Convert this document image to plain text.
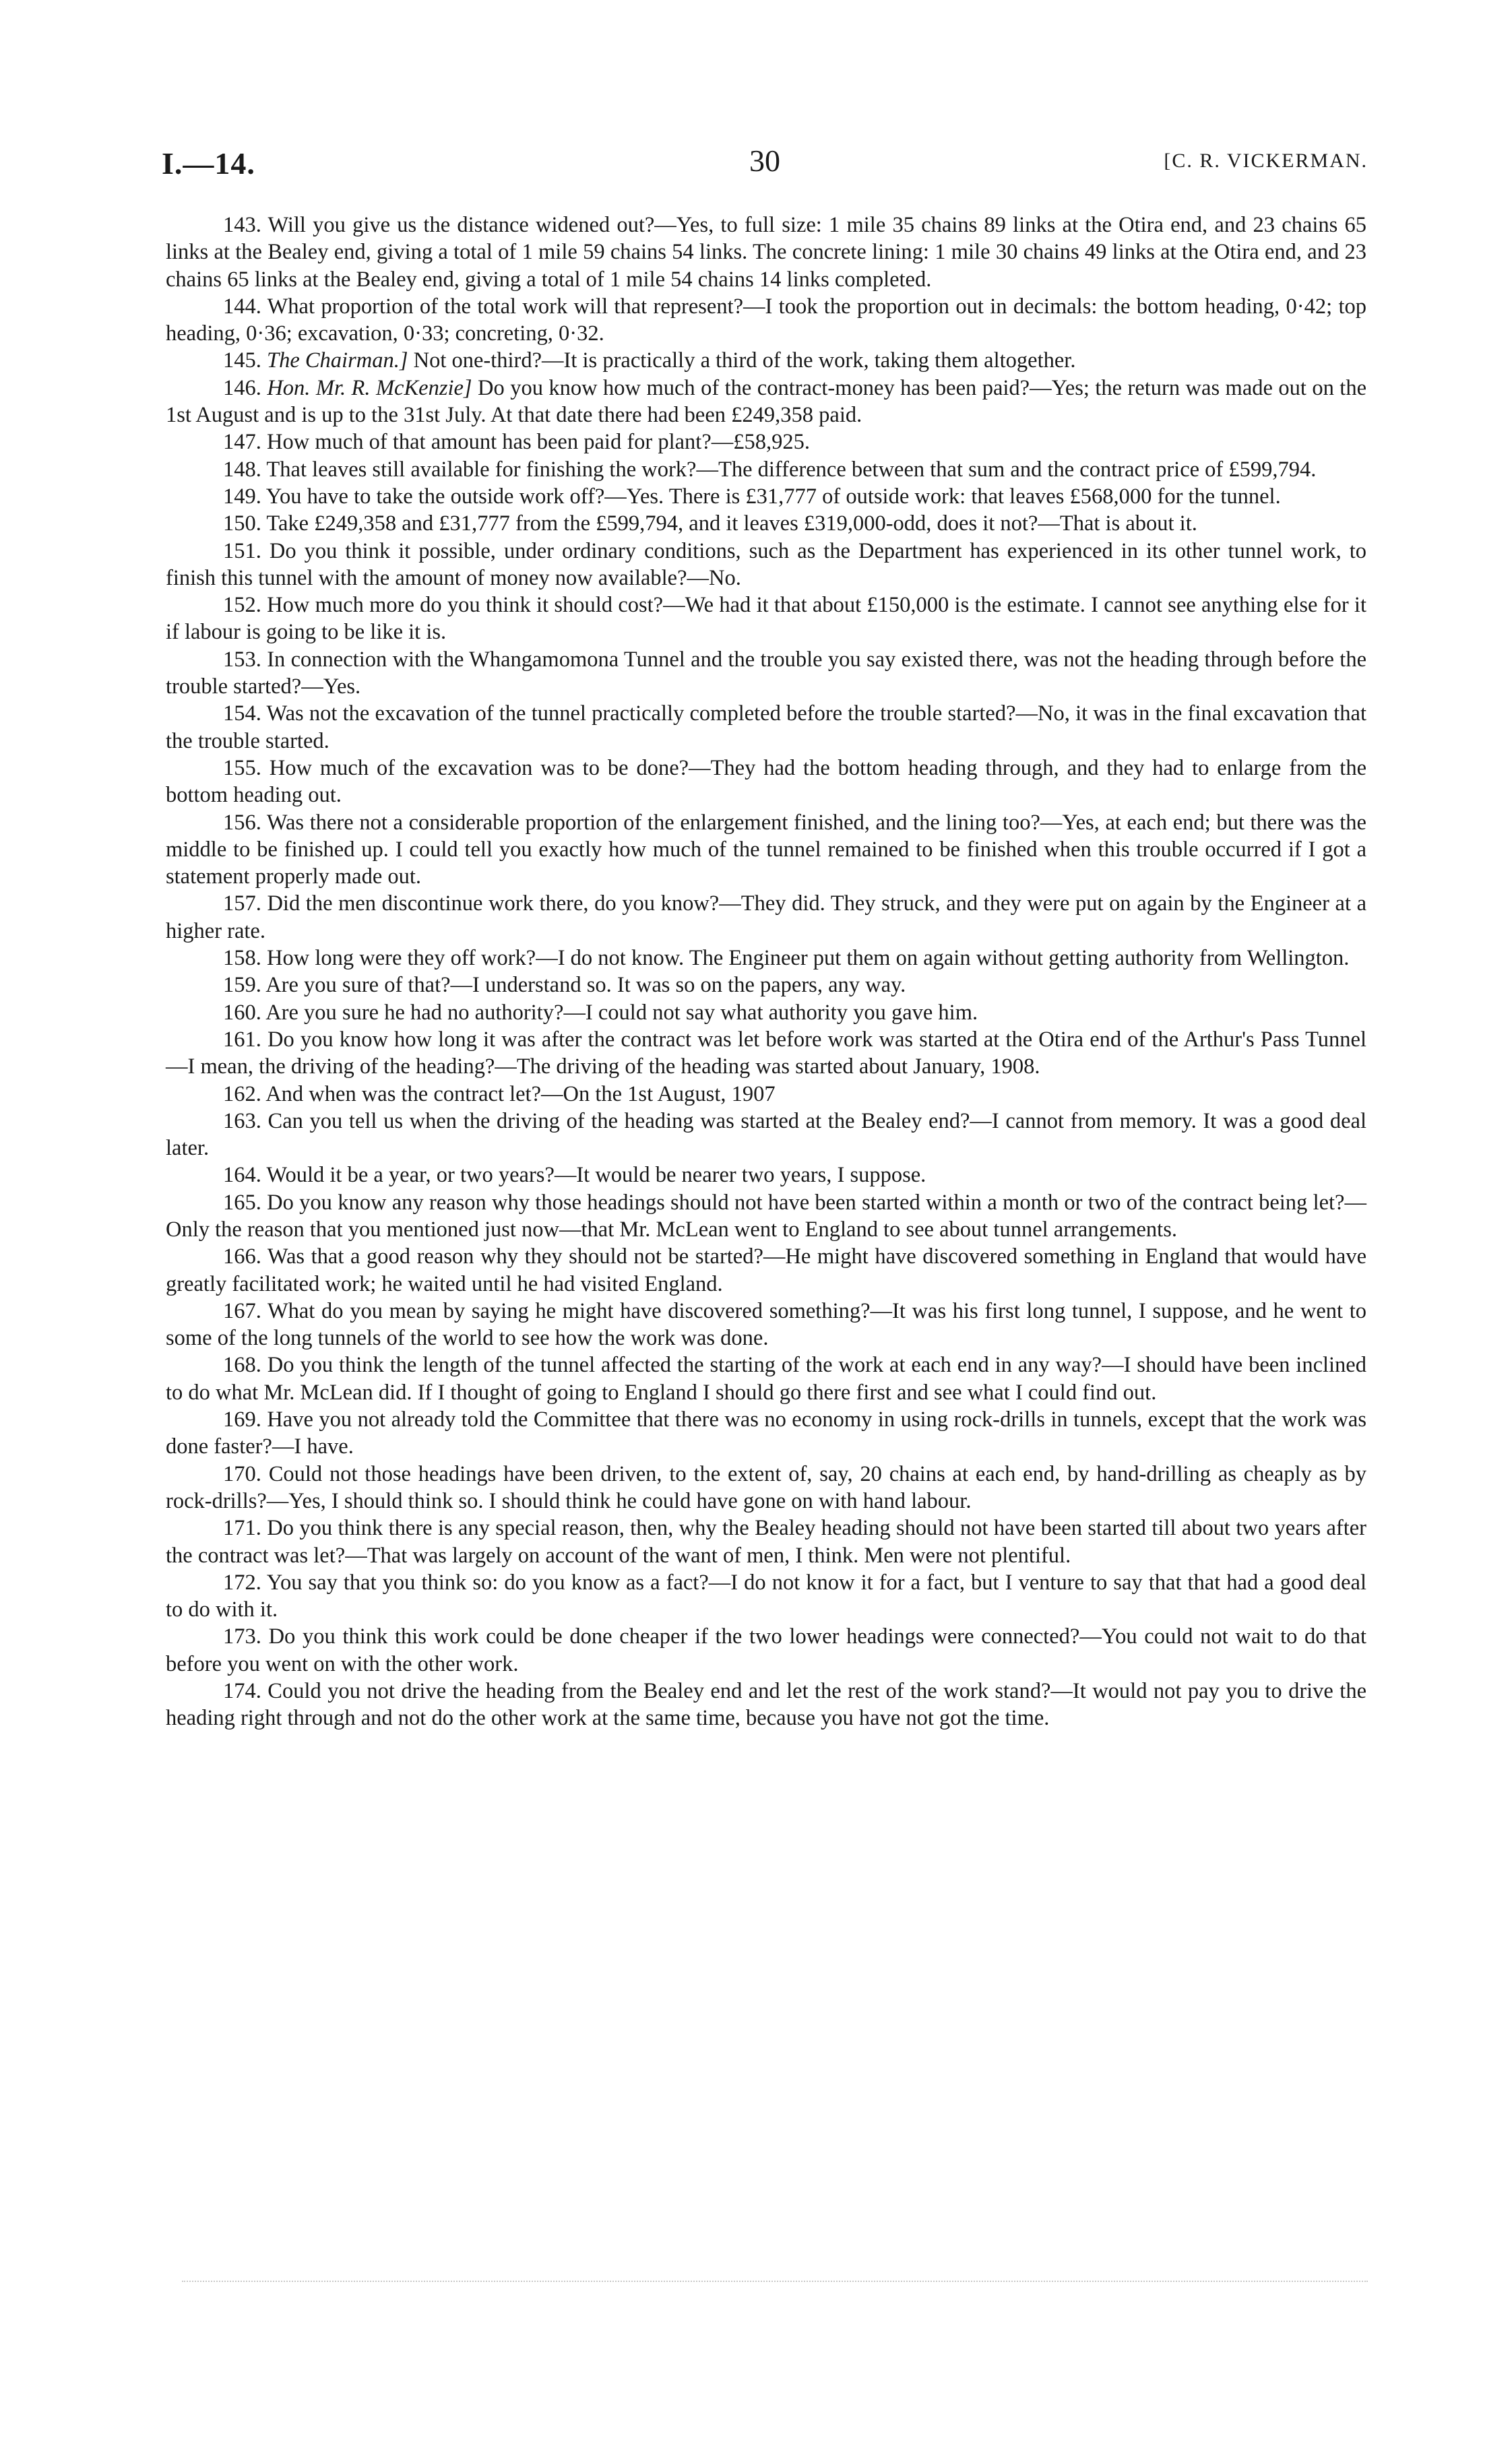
I.—14.	30	[C. R. VICKERMAN.

143. Will you give us the distance widened out?—Yes, to full size: 1 mile 35 chains 89 links at the Otira end, and 23 chains 65 links at the Bealey end, giving a total of 1 mile 59 chains 54 links. The concrete lining: 1 mile 30 chains 49 links at the Otira end, and 23 chains 65 links at the Bealey end, giving a total of 1 mile 54 chains 14 links completed.

144. What proportion of the total work will that represent?—I took the proportion out in decimals: the bottom heading, 0·42; top heading, 0·36; excavation, 0·33; concreting, 0·32.

145. The Chairman.] Not one-third?—It is practically a third of the work, taking them altogether.

146. Hon. Mr. R. McKenzie] Do you know how much of the contract-money has been paid?—Yes; the return was made out on the 1st August and is up to the 31st July. At that date there had been £249,358 paid.

147. How much of that amount has been paid for plant?—£58,925.

148. That leaves still available for finishing the work?—The difference between that sum and the contract price of £599,794.

149. You have to take the outside work off?—Yes. There is £31,777 of outside work: that leaves £568,000 for the tunnel.

150. Take £249,358 and £31,777 from the £599,794, and it leaves £319,000-odd, does it not?—That is about it.

151. Do you think it possible, under ordinary conditions, such as the Department has experienced in its other tunnel work, to finish this tunnel with the amount of money now available?—No.

152. How much more do you think it should cost?—We had it that about £150,000 is the estimate. I cannot see anything else for it if labour is going to be like it is.

153. In connection with the Whangamomona Tunnel and the trouble you say existed there, was not the heading through before the trouble started?—Yes.

154. Was not the excavation of the tunnel practically completed before the trouble started?—No, it was in the final excavation that the trouble started.

155. How much of the excavation was to be done?—They had the bottom heading through, and they had to enlarge from the bottom heading out.

156. Was there not a considerable proportion of the enlargement finished, and the lining too?—Yes, at each end; but there was the middle to be finished up. I could tell you exactly how much of the tunnel remained to be finished when this trouble occurred if I got a statement properly made out.

157. Did the men discontinue work there, do you know?—They did. They struck, and they were put on again by the Engineer at a higher rate.

158. How long were they off work?—I do not know. The Engineer put them on again without getting authority from Wellington.

159. Are you sure of that?—I understand so. It was so on the papers, any way.

160. Are you sure he had no authority?—I could not say what authority you gave him.

161. Do you know how long it was after the contract was let before work was started at the Otira end of the Arthur's Pass Tunnel—I mean, the driving of the heading?—The driving of the heading was started about January, 1908.

162. And when was the contract let?—On the 1st August, 1907

163. Can you tell us when the driving of the heading was started at the Bealey end?—I cannot from memory. It was a good deal later.

164. Would it be a year, or two years?—It would be nearer two years, I suppose.

165. Do you know any reason why those headings should not have been started within a month or two of the contract being let?—Only the reason that you mentioned just now—that Mr. McLean went to England to see about tunnel arrangements.

166. Was that a good reason why they should not be started?—He might have discovered something in England that would have greatly facilitated work; he waited until he had visited England.

167. What do you mean by saying he might have discovered something?—It was his first long tunnel, I suppose, and he went to some of the long tunnels of the world to see how the work was done.

168. Do you think the length of the tunnel affected the starting of the work at each end in any way?—I should have been inclined to do what Mr. McLean did. If I thought of going to England I should go there first and see what I could find out.

169. Have you not already told the Committee that there was no economy in using rock-drills in tunnels, except that the work was done faster?—I have.

170. Could not those headings have been driven, to the extent of, say, 20 chains at each end, by hand-drilling as cheaply as by rock-drills?—Yes, I should think so. I should think he could have gone on with hand labour.

171. Do you think there is any special reason, then, why the Bealey heading should not have been started till about two years after the contract was let?—That was largely on account of the want of men, I think. Men were not plentiful.

172. You say that you think so: do you know as a fact?—I do not know it for a fact, but I venture to say that that had a good deal to do with it.

173. Do you think this work could be done cheaper if the two lower headings were connected?—You could not wait to do that before you went on with the other work.

174. Could you not drive the heading from the Bealey end and let the rest of the work stand?—It would not pay you to drive the heading right through and not do the other work at the same time, because you have not got the time.
